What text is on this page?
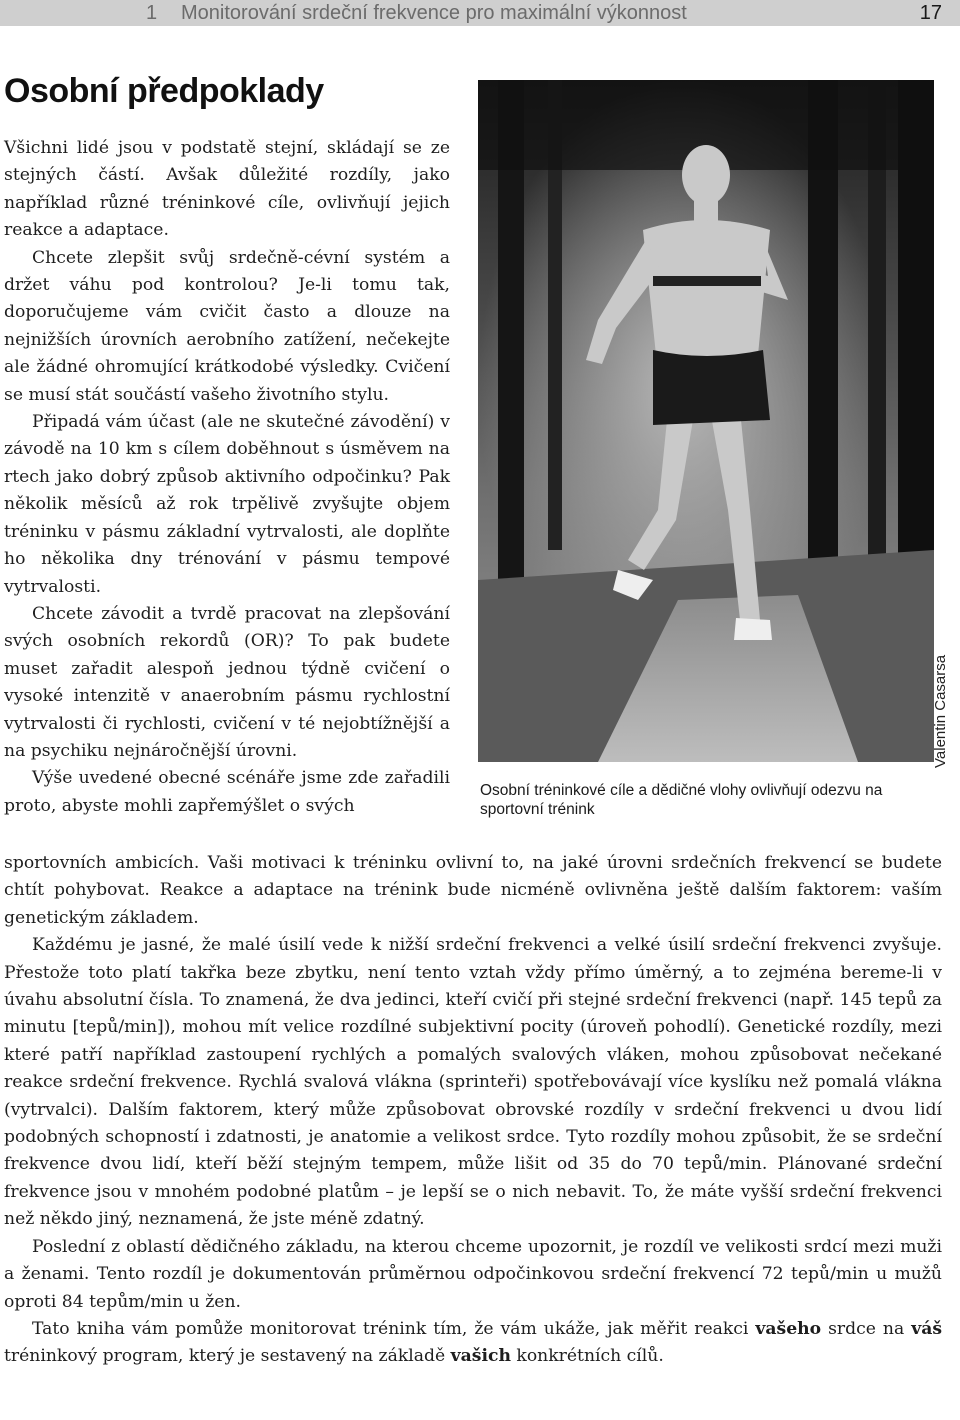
1 Monitorování srdeční frekvence pro maximální výkonnost	17
Osobní předpoklady

Všichni lidé jsou v podstatě stejní, skládají se ze stejných částí. Avšak důležité rozdíly, jako například různé tréninkové cíle, ovlivňují jejich reakce a adaptace.

Chcete zlepšit svůj srdečně-cévní systém a držet váhu pod kontrolou? Je-li tomu tak, doporučujeme vám cvičit často a dlouze na nejnižších úrovních aerobního zatížení, nečekejte ale žádné ohromující krátkodobé výsledky. Cvičení se musí stát součástí vašeho životního stylu.

Připadá vám účast (ale ne skutečné závodění) v závodě na 10 km s cílem doběhnout s úsměvem na rtech jako dobrý způsob aktivního odpočinku? Pak několik měsíců až rok trpělivě zvyšujte objem tréninku v pásmu základní vytrvalosti, ale doplňte ho několika dny trénování v pásmu tempové vytrvalosti.

Chcete závodit a tvrdě pracovat na zlepšování svých osobních rekordů (OR)? To pak budete muset zařadit alespoň jednou týdně cvičení o vysoké intenzitě v anaerobním pásmu rychlostní vytrvalosti či rychlosti, cvičení v té nejobtížnější a na psychiku nejnáročnější úrovni.

Výše uvedené obecné scénáře jsme zde zařadili proto, abyste mohli zapřemýšlet o svých

Valentin Casarsa
Osobní tréninkové cíle a dědičné vlohy ovlivňují odezvu na sportovní trénink

sportovních ambicích. Vaši motivaci k tréninku ovlivní to, na jaké úrovni srdečních frekvencí se budete chtít pohybovat. Reakce a adaptace na trénink bude nicméně ovlivněna ještě dalším faktorem: vaším genetickým základem.

Každému je jasné, že malé úsilí vede k nižší srdeční frekvenci a velké úsilí srdeční frekvenci zvyšuje. Přestože toto platí takřka beze zbytku, není tento vztah vždy přímo úměrný, a to zejména bereme-li v úvahu absolutní čísla. To znamená, že dva jedinci, kteří cvičí při stejné srdeční frekvenci (např. 145 tepů za minutu [tepů/min]), mohou mít velice rozdílné subjektivní pocity (úroveň pohodlí). Genetické rozdíly, mezi které patří například zastoupení rychlých a pomalých svalových vláken, mohou způsobovat nečekané reakce srdeční frekvence. Rychlá svalová vlákna (sprinteři) spotřebovávají více kyslíku než pomalá vlákna (vytrvalci). Dalším faktorem, který může způsobovat obrovské rozdíly v srdeční frekvenci u dvou lidí podobných schopností i zdatnosti, je anatomie a velikost srdce. Tyto rozdíly mohou způsobit, že se srdeční frekvence dvou lidí, kteří běží stejným tempem, může lišit od 35 do 70 tepů/min. Plánované srdeční frekvence jsou v mnohém podobné platům – je lepší se o nich nebavit. To, že máte vyšší srdeční frekvenci než někdo jiný, neznamená, že jste méně zdatný.

Poslední z oblastí dědičného základu, na kterou chceme upozornit, je rozdíl ve velikosti srdcí mezi muži a ženami. Tento rozdíl je dokumentován průměrnou odpočinkovou srdeční frekvencí 72 tepů/min u mužů oproti 84 tepům/min u žen.

Tato kniha vám pomůže monitorovat trénink tím, že vám ukáže, jak měřit reakci vašeho srdce na váš tréninkový program, který je sestavený na základě vašich konkrétních cílů.
